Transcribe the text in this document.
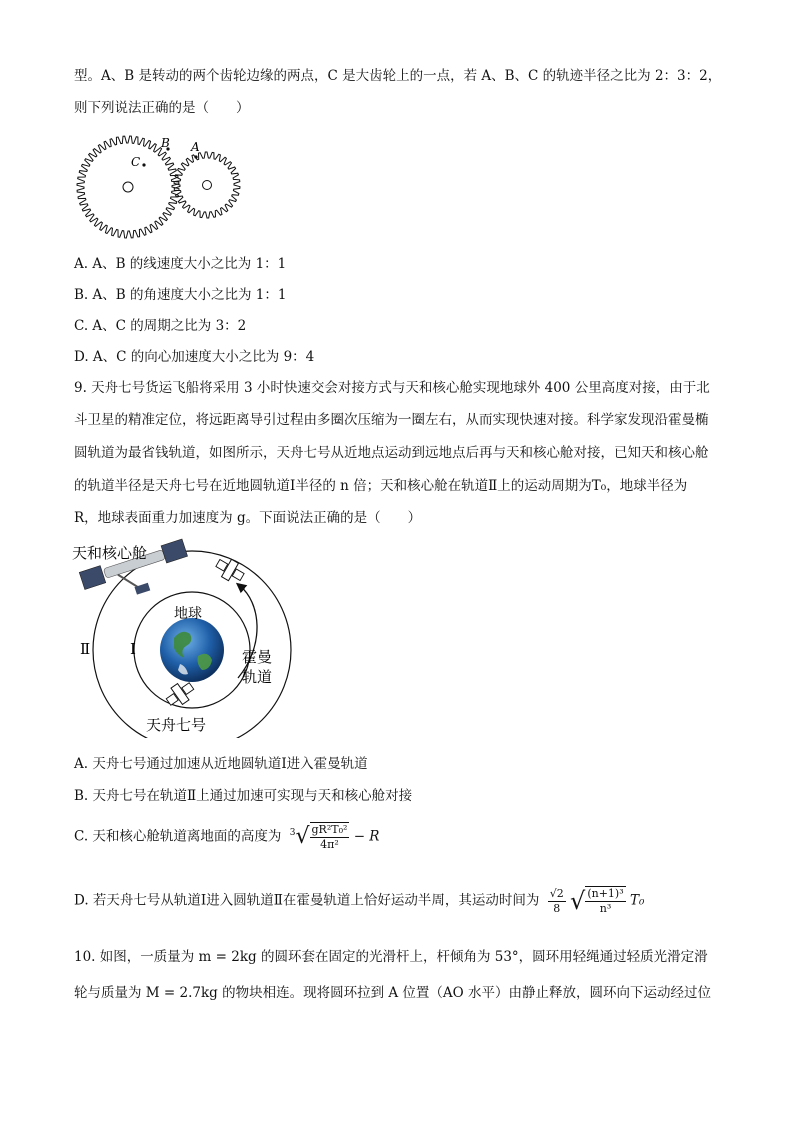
型。A、B 是转动的两个齿轮边缘的两点，C 是大齿轮上的一点，若 A、B、C 的轨迹半径之比为 2：3：2，
则下列说法正确的是（　　）
C
B A
A. A、B 的线速度大小之比为 1：1
B. A、B 的角速度大小之比为 1：1
C. A、C 的周期之比为 3：2
D. A、C 的向心加速度大小之比为 9：4
9. 天舟七号货运飞船将采用 3 小时快速交会对接方式与天和核心舱实现地球外 400 公里高度对接，由于北
斗卫星的精准定位，将远距离导引过程由多圈次压缩为一圈左右，从而实现快速对接。科学家发现沿霍曼椭
圆轨道为最省钱轨道，如图所示，天舟七号从近地点运动到远地点后再与天和核心舱对接，已知天和核心舱
的轨道半径是天舟七号在近地圆轨道Ⅰ半径的 n 倍；天和核心舱在轨道Ⅱ上的运动周期为T₀，地球半径为
R，地球表面重力加速度为 g。下面说法正确的是（　　）
天和核心舱
地球
Ⅱ	Ⅰ	霍曼
轨道
天舟七号
A. 天舟七号通过加速从近地圆轨道Ⅰ进入霍曼轨道
B. 天舟七号在轨道Ⅱ上通过加速可实现与天和核心舱对接
C. 天和核心舱轨道离地面的高度为 $^3√ \frac{\text{gR²T₀²}}{\text{4π²}} - R$
D. 若天舟七号从轨道Ⅰ进入圆轨道Ⅱ在霍曼轨道上恰好运动半周，其运动时间为 $\frac{√2}{8}$ √ $\frac{\text{(n+1)³}}{\text{n³}} T_0$
10. 如图，一质量为 m = 2kg 的圆环套在固定的光滑杆上，杆倾角为 53°，圆环用轻绳通过轻质光滑定滑
轮与质量为 M = 2.7kg 的物块相连。现将圆环拉到 A 位置（AO 水平）由静止释放，圆环向下运动经过位
